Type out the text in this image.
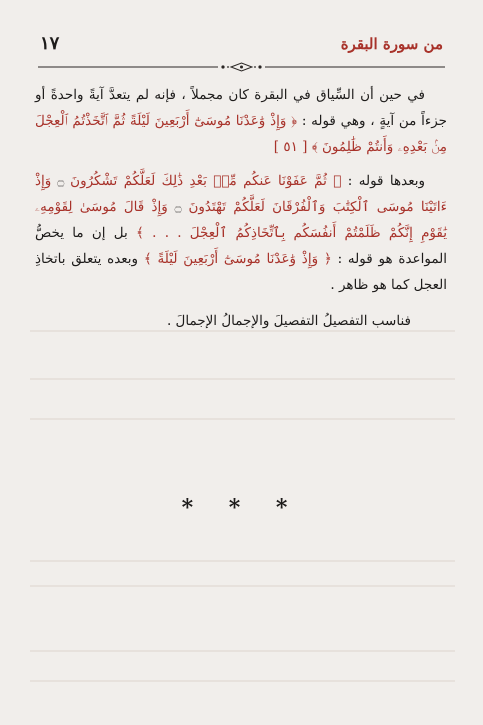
من سورة البقرة
١٧

في حين أن السِّياق في البقرة كان مجملاً ، فإنه لم يتعدَّ آيةً واحدةً أو جزءاً من آيةٍ ، وهي قوله : ﴿ وَإِذْ وَٰعَدْنَا مُوسَىٰٓ أَرْبَعِينَ لَيْلَةً ثُمَّ ٱتَّخَذْتُمُ ٱلْعِجْلَ مِنۢ بَعْدِهِۦ وَأَنتُمْ ظَٰلِمُونَ ﴾ [ ٥١ ]

وبعدها قوله : ﴿ ثُمَّ عَفَوْنَا عَنكُم مِّنۢ بَعْدِ ذَٰلِكَ لَعَلَّكُمْ تَشْكُرُونَ ۝ وَإِذْ ءَاتَيْنَا مُوسَى ٱلْكِتَٰبَ وَٱلْفُرْقَانَ لَعَلَّكُمْ تَهْتَدُونَ ۝ وَإِذْ قَالَ مُوسَىٰ لِقَوْمِهِۦ يَٰقَوْمِ إِنَّكُمْ ظَلَمْتُمْ أَنفُسَكُم بِٱتِّخَاذِكُمُ ٱلْعِجْلَ . . . ﴾ بل إن ما يخصُّ المواعدة هو قوله : ﴿ وَإِذْ وَٰعَدْنَا مُوسَىٰٓ أَرْبَعِينَ لَيْلَةً ﴾ وبعده يتعلق باتخاذِ العجل كما هو ظاهر .

فناسب التفصيلُ التفصيلَ والإجمالُ الإجمالَ .

* * *
